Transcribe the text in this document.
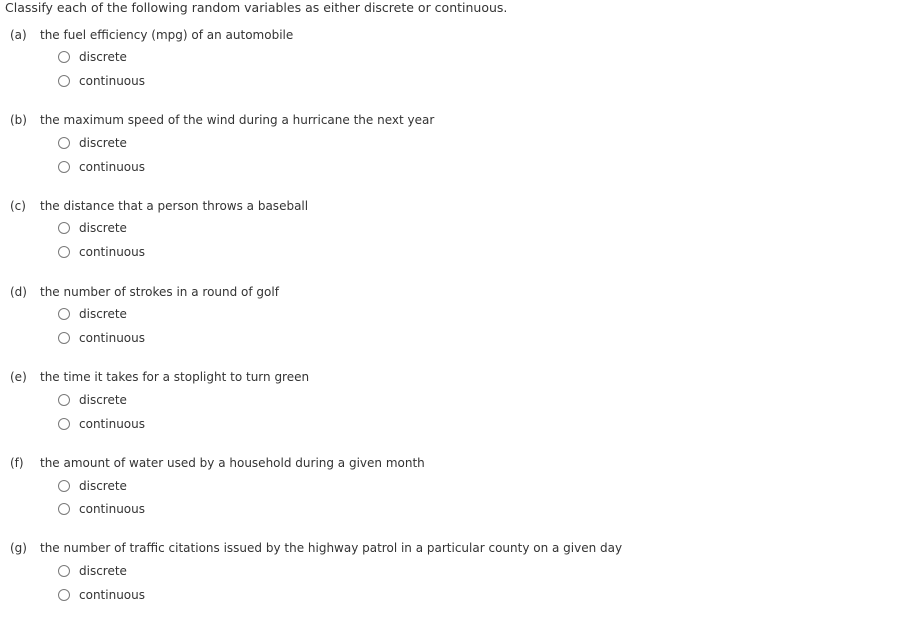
Classify each of the following random variables as either discrete or continuous.
(a) the fuel efficiency (mpg) of an automobile
discrete
continuous
(b) the maximum speed of the wind during a hurricane the next year
discrete
continuous
(c) the distance that a person throws a baseball
discrete
continuous
(d) the number of strokes in a round of golf
discrete
continuous
(e) the time it takes for a stoplight to turn green
discrete
continuous
(f) the amount of water used by a household during a given month
discrete
continuous
(g) the number of traffic citations issued by the highway patrol in a particular county on a given day
discrete
continuous
